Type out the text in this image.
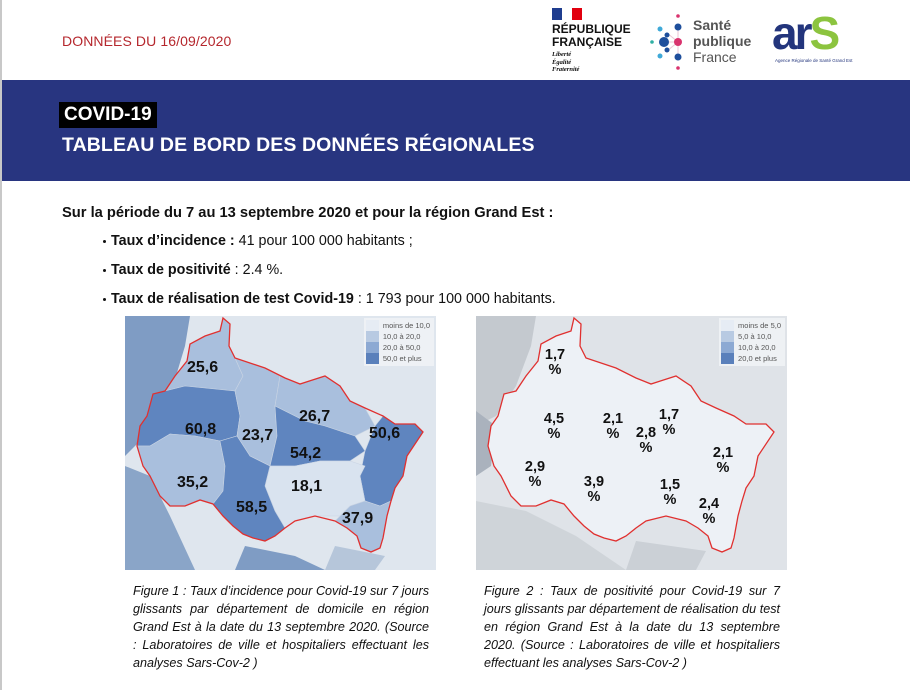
DONNÉES DU 16/09/2020
RÉPUBLIQUE
FRANÇAISE
Liberté
Égalité
Fraternité
Santé
publique
France arS
Agence Régionale de Santé Grand Est
COVID-19
TABLEAU DE BORD DES DONNÉES RÉGIONALES
Sur la période du 7 au 13 septembre 2020 et pour la région Grand Est :
Taux d’incidence : 41 pour 100 000 habitants ;
Taux de positivité : 2.4 %.
Taux de réalisation de test Covid-19 : 1 793 pour 100 000 habitants.
moins de 10,0
10,0 à 20,0
20,0 à 50,0
50,0 et plus
25,6
60,8 23,7
26,7
50,6
54,2
35,2	18,1
58,5
37,9
moins de 5,0
5,0 à 10,0
10,0 à 20,0
20,0 et plus
1,7
%
4,5
%
2,1
%	2,8
%
1,7
%
2,1
%
2,9
%	3,9
%
1,5
%	2,4
%
Figure 1 : Taux d’incidence pour Covid-19 sur 7 jours glissants par département de domicile en région Grand Est à la date du 13 septembre 2020. (Source : Laboratoires de ville et hospitaliers effectuant les analyses Sars-Cov-2 )
Figure 2 : Taux de positivité pour Covid-19 sur 7 jours glissants par département de réalisation du test en région Grand Est à la date du 13 septembre 2020. (Source : Laboratoires de ville et hospitaliers effectuant les analyses Sars-Cov-2 )
